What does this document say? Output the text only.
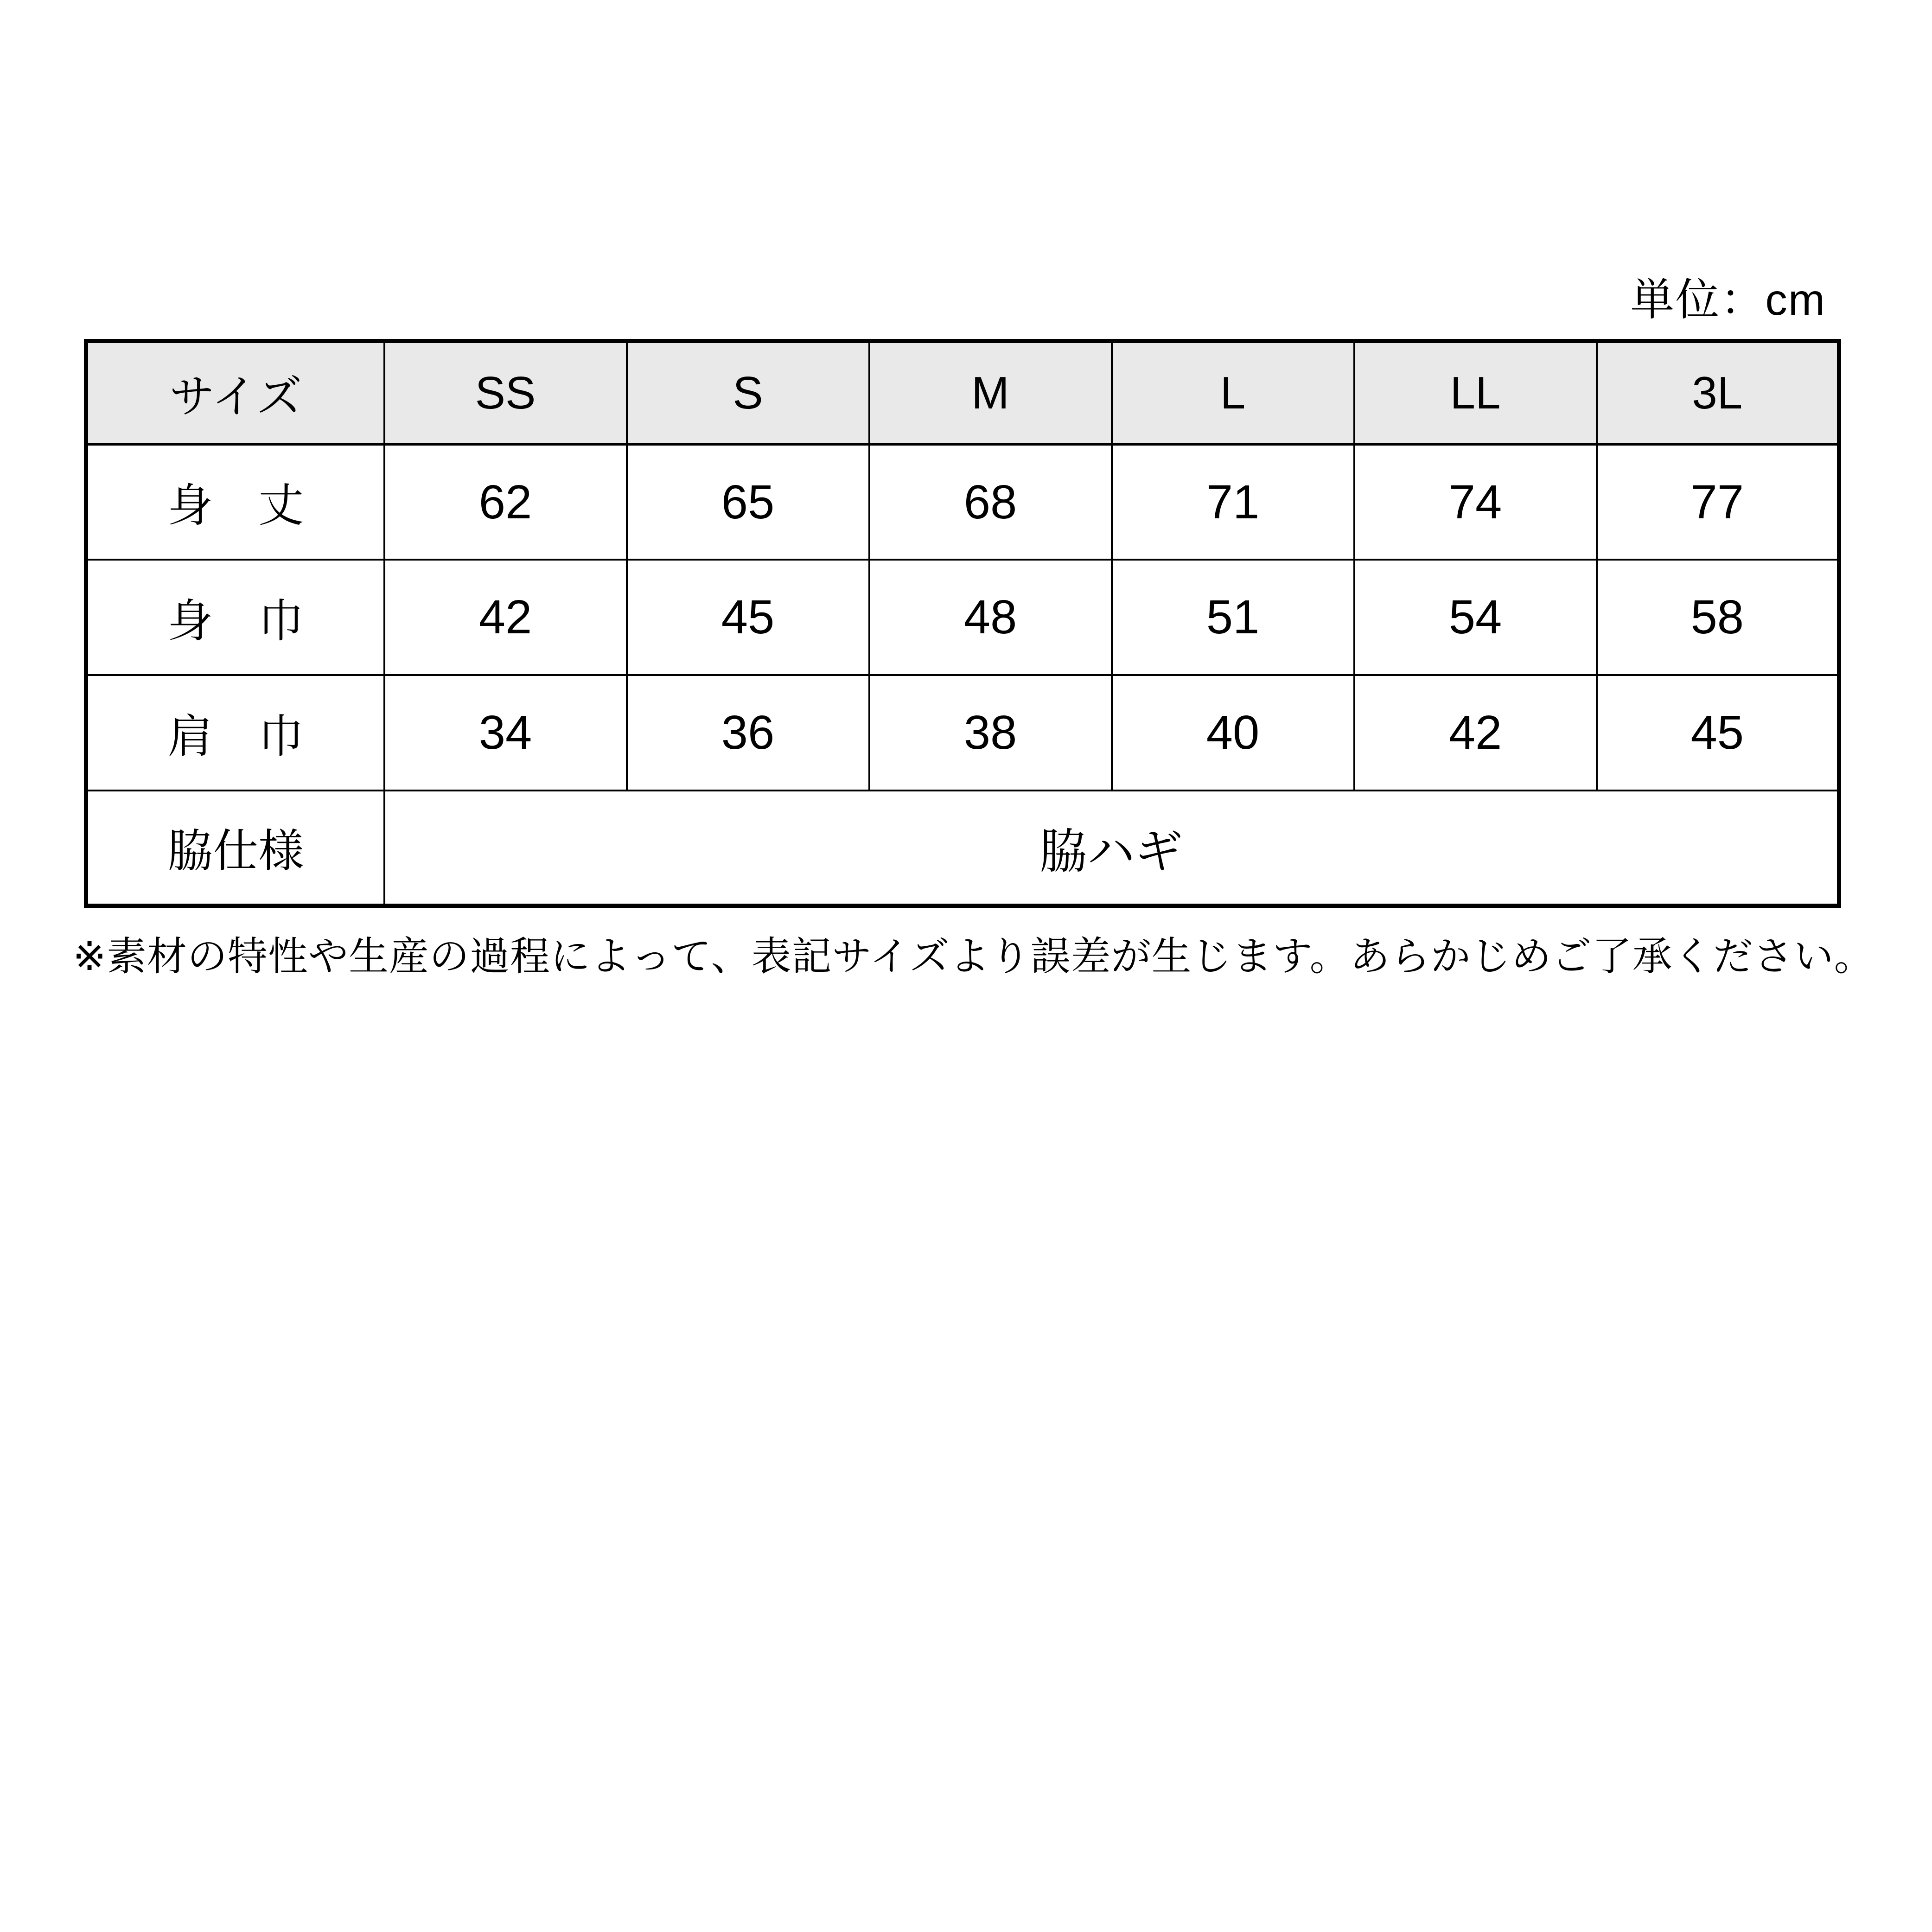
単位：cm
サイズ	SS	S	M	L	LL	3L
身　丈	62	65	68	71	74	77
身　巾	42	45	48	51	54	58
肩　巾	34	36	38	40	42	45
脇仕様	脇ハギ					
※素材の特性や生産の過程によって、表記サイズより誤差が生じます。あらかじめご了承ください。
